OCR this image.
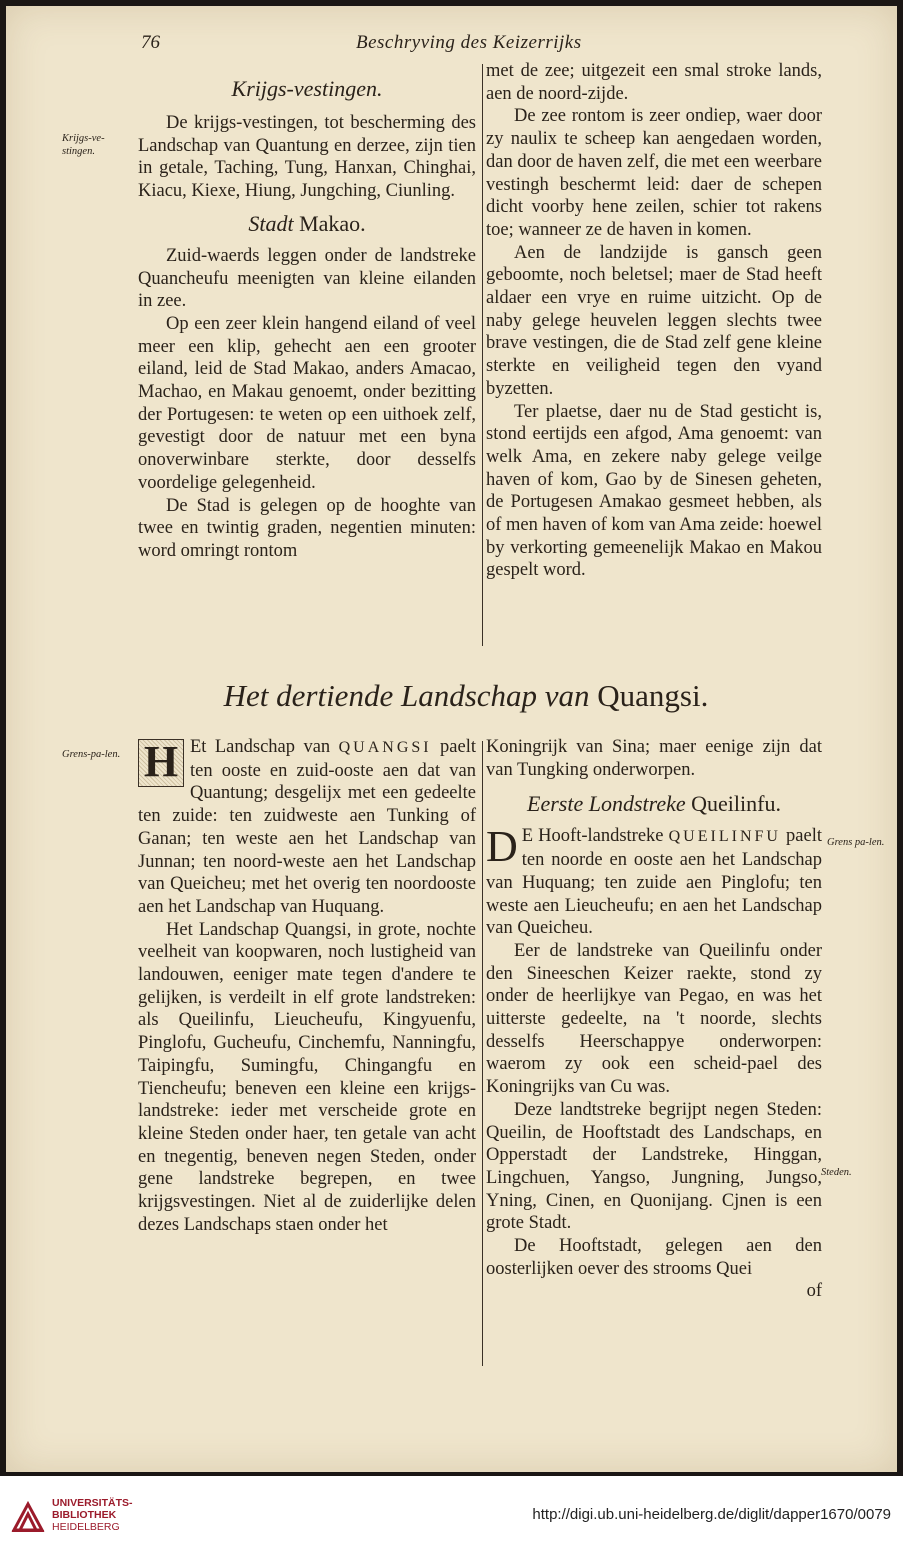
76	Beschryving des Keizerrijks
Krijgs-ve-stingen.
Krijgs-vestingen.

De krijgs-vestingen, tot bescherming des Landschap van Quantung en derzee, zijn tien in getale, Taching, Tung, Hanxan, Chinghai, Kiacu, Kiexe, Hiung, Jungching, Ciunling.

Stadt Makao.

Zuid-waerds leggen onder de landstreke Quancheufu meenigten van kleine eilanden in zee.

Op een zeer klein hangend eiland of veel meer een klip, gehecht aen een grooter eiland, leid de Stad Makao, anders Amacao, Machao, en Makau genoemt, onder bezitting der Portugesen: te weten op een uithoek zelf, gevestigt door de natuur met een byna onoverwinbare sterkte, door desselfs voordelige gelegenheid.

De Stad is gelegen op de hooghte van twee en twintig graden, negentien minuten: word omringt rontom

met de zee; uitgezeit een smal stroke lands, aen de noord-zijde.

De zee rontom is zeer ondiep, waer door zy naulix te scheep kan aengedaen worden, dan door de haven zelf, die met een weerbare vestingh beschermt leid: daer de schepen dicht voorby hene zeilen, schier tot rakens toe; wanneer ze de haven in komen.

Aen de landzijde is gansch geen geboomte, noch beletsel; maer de Stad heeft aldaer een vrye en ruime uitzicht. Op de naby gelege heuvelen leggen slechts twee brave vestingen, die de Stad zelf gene kleine sterkte en veiligheid tegen den vyand byzetten.

Ter plaetse, daer nu de Stad gesticht is, stond eertijds een afgod, Ama genoemt: van welk Ama, en zekere naby gelege veilge haven of kom, Gao by de Sinesen geheten, de Portugesen Amakao gesmeet hebben, als of men haven of kom van Ama zeide: hoewel by verkorting gemeenelijk Makao en Makou gespelt word.

Het dertiende Landschap van Quangsi.
Grens-pa-len.
Grens pa-len.
Steden.

H Et Landschap van QUANGSI paelt ten ooste en zuid-ooste aen dat van Quantung; desgelijx met een gedeelte ten zuide: ten zuidweste aen Tunking of Ganan; ten weste aen het Landschap van Junnan; ten noord-weste aen het Landschap van Queicheu; met het overig ten noordooste aen het Landschap van Huquang.

Het Landschap Quangsi, in grote, nochte veelheit van koopwaren, noch lustigheid van landouwen, eeniger mate tegen d'andere te gelijken, is verdeilt in elf grote landstreken: als Queilinfu, Lieucheufu, Kingyuenfu, Pinglofu, Gucheufu, Cinchemfu, Nanningfu, Taipingfu, Sumingfu, Chingangfu en Tiencheufu; beneven een kleine een krijgs-landstreke: ieder met verscheide grote en kleine Steden onder haer, ten getale van acht en tnegentig, beneven negen Steden, onder gene landstreke begrepen, en twee krijgsvestingen. Niet al de zuiderlijke delen dezes Landschaps staen onder het

Koningrijk van Sina; maer eenige zijn dat van Tungking onderworpen.

Eerste Londstreke Queilinfu.

D E Hooft-landstreke QUEILINFU paelt ten noorde en ooste aen het Landschap van Huquang; ten zuide aen Pinglofu; ten weste aen Lieucheufu; en aen het Landschap van Queicheu.

Eer de landstreke van Queilinfu onder den Sineeschen Keizer raekte, stond zy onder de heerlijkye van Pegao, en was het uitterste gedeelte, na 't noorde, slechts desselfs Heerschappye onderworpen: waerom zy ook een scheid-pael des Koningrijks van Cu was.

Deze landtstreke begrijpt negen Steden: Queilin, de Hooftstadt des Landschaps, en Opperstadt der Landstreke, Hinggan, Lingchuen, Yangso, Jungning, Jungso, Yning, Cinen, en Quonijang. Cjnen is een grote Stadt.

De Hooftstadt, gelegen aen den oosterlijken oever des strooms Quei

of
UNIVERSITÄTS-
BIBLIOTHEK
HEIDELBERG
http://digi.ub.uni-heidelberg.de/diglit/dapper1670/0079
